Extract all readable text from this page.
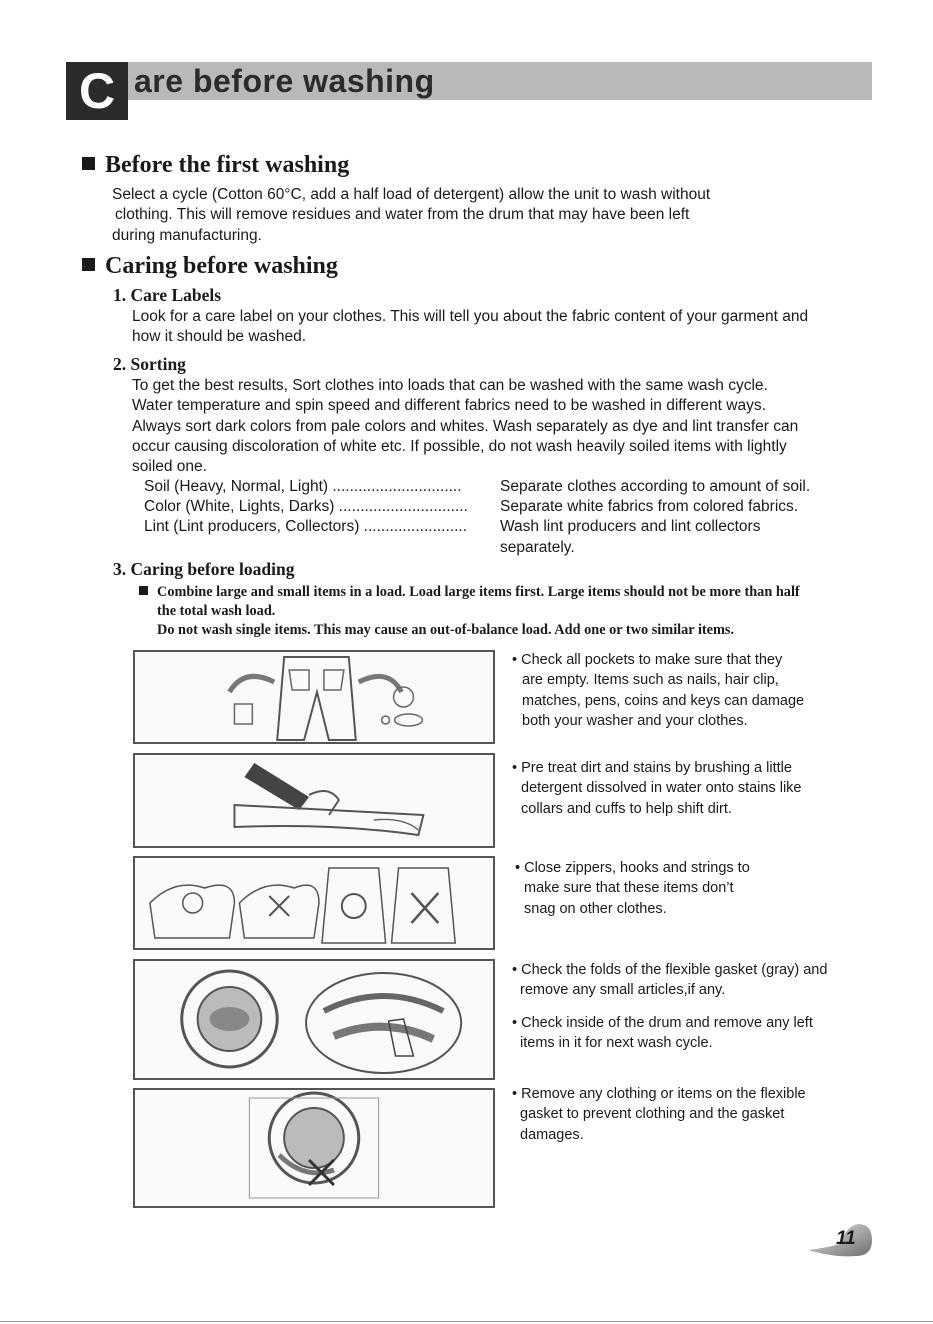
C are before washing
Before the first washing

Select a cycle (Cotton 60°C, add a half load of detergent) allow the unit to wash without

clothing. This will remove residues and water from the drum that may have been left

during manufacturing.

Caring before washing
1. Care Labels

Look for a care label on your clothes. This will tell you about the fabric content of your garment and

how it should be washed.

2. Sorting

To get the best results, Sort clothes into loads that can be washed with the same wash cycle.

Water temperature and spin speed and different fabrics need to be washed in different ways.

Always sort dark colors from pale colors and whites. Wash separately as dye and lint transfer can

occur causing discoloration of white etc. If possible, do not wash heavily soiled items with lightly

soiled one.

Soil (Heavy, Normal, Light) .............................. Separate clothes according to amount of soil.
Color (White, Lights, Darks) .............................. Separate white fabrics from colored fabrics.
Lint (Lint producers, Collectors) ........................ Wash lint producers and lint collectors
separately.
3. Caring before loading

Combine large and small items in a load. Load large items first. Large items should not be more than half

the total wash load.

Do not wash single items. This may cause an out-of-balance load. Add one or two similar items.

• Check all pockets to make sure that they

are empty. Items such as nails, hair clip,

matches, pens, coins and keys can damage

both your washer and your clothes.

• Pre treat dirt and stains by brushing a little

detergent dissolved in water onto stains like

collars and cuffs to help shift dirt.

• Close zippers, hooks and strings to

make sure that these items don’t

snag on other clothes.

• Check the folds of the flexible gasket (gray) and

remove any small articles,if any.

• Check inside of the drum and remove any left

items in it for next wash cycle.

• Remove any clothing or items on the flexible

gasket to prevent clothing and the gasket

damages.

11
